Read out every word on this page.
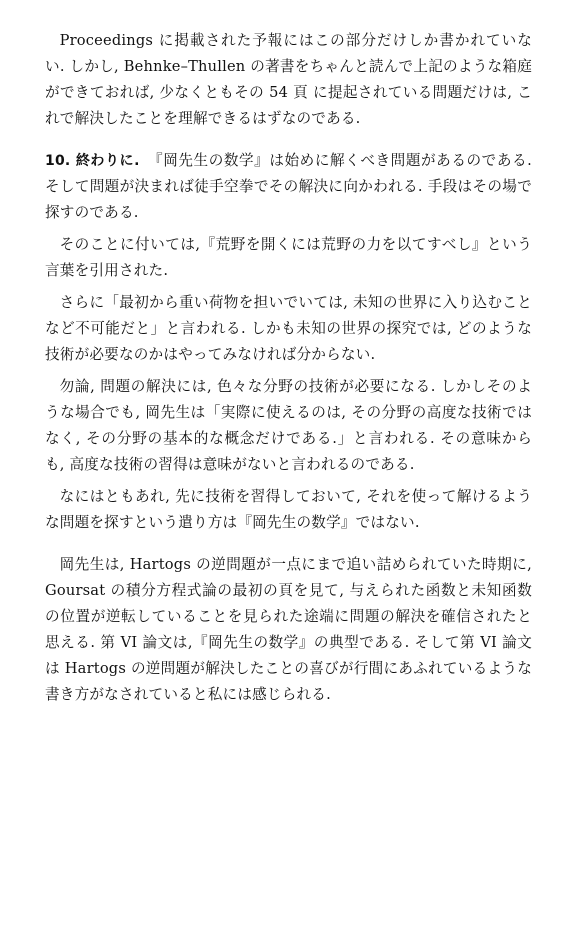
Proceedings に掲載された予報にはこの部分だけしか書かれていない. しかし, Behnke–Thullen の著書をちゃんと読んで上記のような箱庭ができておれば, 少なくともその 54 頁 に提起されている問題だけは, これで解決したことを理解できるはずなのである.

10. 終わりに. 『岡先生の数学』は始めに解くべき問題があるのである. そして問題が決まれば徒手空拳でその解決に向かわれる. 手段はその場で探すのである.

そのことに付いては,『荒野を開くには荒野の力を以てすべし』という言葉を引用された.

さらに「最初から重い荷物を担いでいては, 未知の世界に入り込むことなど不可能だと」と言われる. しかも未知の世界の探究では, どのような技術が必要なのかはやってみなければ分からない.

勿論, 問題の解決には, 色々な分野の技術が必要になる. しかしそのような場合でも, 岡先生は「実際に使えるのは, その分野の高度な技術ではなく, その分野の基本的な概念だけである.」と言われる. その意味からも, 高度な技術の習得は意味がないと言われるのである.

なにはともあれ, 先に技術を習得しておいて, それを使って解けるような問題を探すという遣り方は『岡先生の数学』ではない.

岡先生は, Hartogs の逆問題が一点にまで追い詰められていた時期に, Goursat の積分方程式論の最初の頁を見て, 与えられた函数と未知函数の位置が逆転していることを見られた途端に問題の解決を確信されたと思える. 第 VI 論文は,『岡先生の数学』の典型である. そして第 VI 論文は Hartogs の逆問題が解決したことの喜びが行間にあふれているような書き方がなされていると私には感じられる.
